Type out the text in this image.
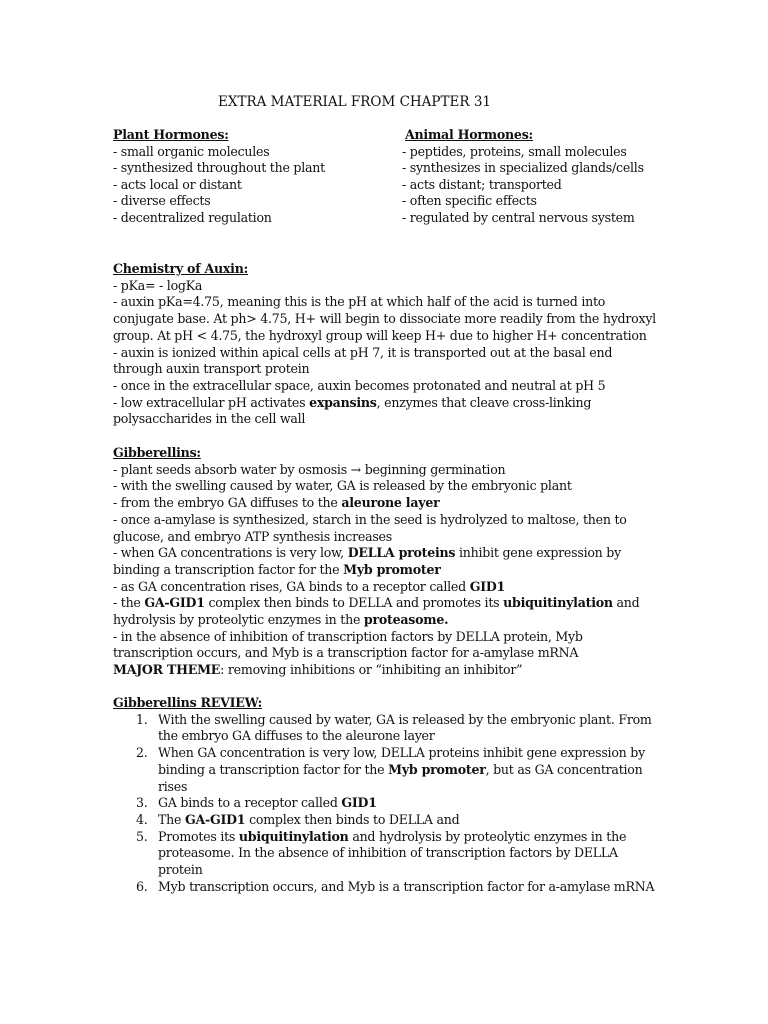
EXTRA MATERIAL FROM CHAPTER 31
Plant Hormones:
- small organic molecules
- synthesized throughout the plant
- acts local or distant
- diverse effects
- decentralized regulation
Animal Hormones:
- peptides, proteins, small molecules
- synthesizes in specialized glands/cells
- acts distant; transported
- often specific effects
- regulated by central nervous system
Chemistry of Auxin:
- pKa= - logKa
- auxin pKa=4.75, meaning this is the pH at which half of the acid is turned into conjugate base. At ph> 4.75, H+ will begin to dissociate more readily from the hydroxyl group. At pH < 4.75, the hydroxyl group will keep H+ due to higher H+ concentration
- auxin is ionized within apical cells at pH 7, it is transported out at the basal end through auxin transport protein
- once in the extracellular space, auxin becomes protonated and neutral at pH 5
- low extracellular pH activates expansins, enzymes that cleave cross-linking polysaccharides in the cell wall
Gibberellins:
- plant seeds absorb water by osmosis → beginning germination
- with the swelling caused by water, GA is released by the embryonic plant
- from the embryo GA diffuses to the aleurone layer
- once a-amylase is synthesized, starch in the seed is hydrolyzed to maltose, then to glucose, and embryo ATP synthesis increases
- when GA concentrations is very low, DELLA proteins inhibit gene expression by binding a transcription factor for the Myb promoter
- as GA concentration rises, GA binds to a receptor called GID1
- the GA-GID1 complex then binds to DELLA and promotes its ubiquitinylation and hydrolysis by proteolytic enzymes in the proteasome.
- in the absence of inhibition of transcription factors by DELLA protein, Myb transcription occurs, and Myb is a transcription factor for a-amylase mRNA
MAJOR THEME: removing inhibitions or “inhibiting an inhibitor”
Gibberellins REVIEW:
1. With the swelling caused by water, GA is released by the embryonic plant. From the embryo GA diffuses to the aleurone layer
2. When GA concentration is very low, DELLA proteins inhibit gene expression by binding a transcription factor for the Myb promoter, but as GA concentration rises
3. GA binds to a receptor called GID1
4. The GA-GID1 complex then binds to DELLA and
5. Promotes its ubiquitinylation and hydrolysis by proteolytic enzymes in the proteasome. In the absence of inhibition of transcription factors by DELLA protein
6. Myb transcription occurs, and Myb is a transcription factor for a-amylase mRNA
